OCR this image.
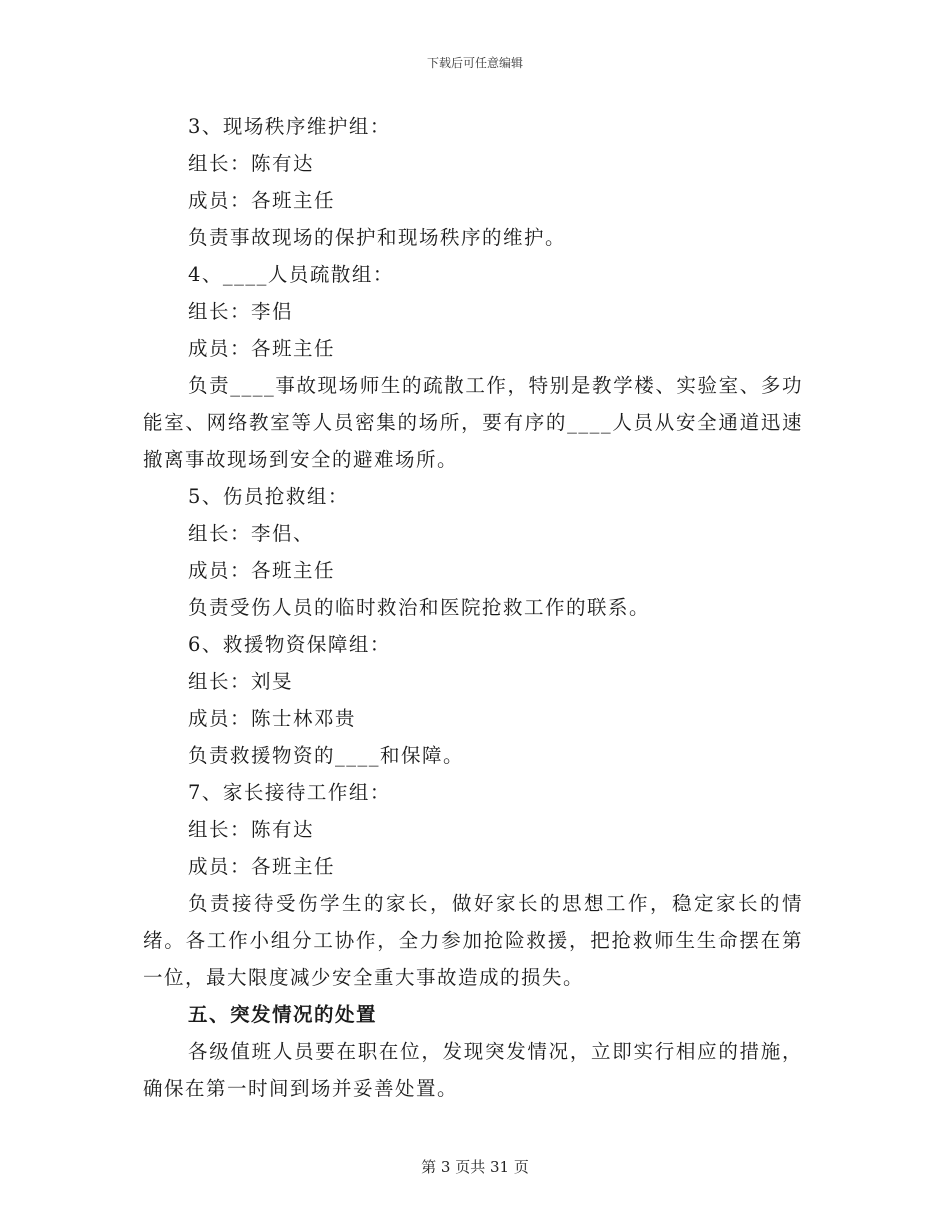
下载后可任意编辑

3、现场秩序维护组：

组长：陈有达

成员：各班主任

负责事故现场的保护和现场秩序的维护。

4、____人员疏散组：

组长：李侣

成员：各班主任

负责____事故现场师生的疏散工作，特别是教学楼、实验室、多功能室、网络教室等人员密集的场所，要有序的____人员从安全通道迅速撤离事故现场到安全的避难场所。

5、伤员抢救组：

组长：李侣、

成员：各班主任

负责受伤人员的临时救治和医院抢救工作的联系。

6、救援物资保障组：

组长：刘旻

成员：陈士林邓贵

负责救援物资的____和保障。

7、家长接待工作组：

组长：陈有达

成员：各班主任

负责接待受伤学生的家长，做好家长的思想工作，稳定家长的情绪。各工作小组分工协作，全力参加抢险救援，把抢救师生生命摆在第一位，最大限度减少安全重大事故造成的损失。

五、突发情况的处置

各级值班人员要在职在位，发现突发情况，立即实行相应的措施，确保在第一时间到场并妥善处置。

第 3 页共 31 页
